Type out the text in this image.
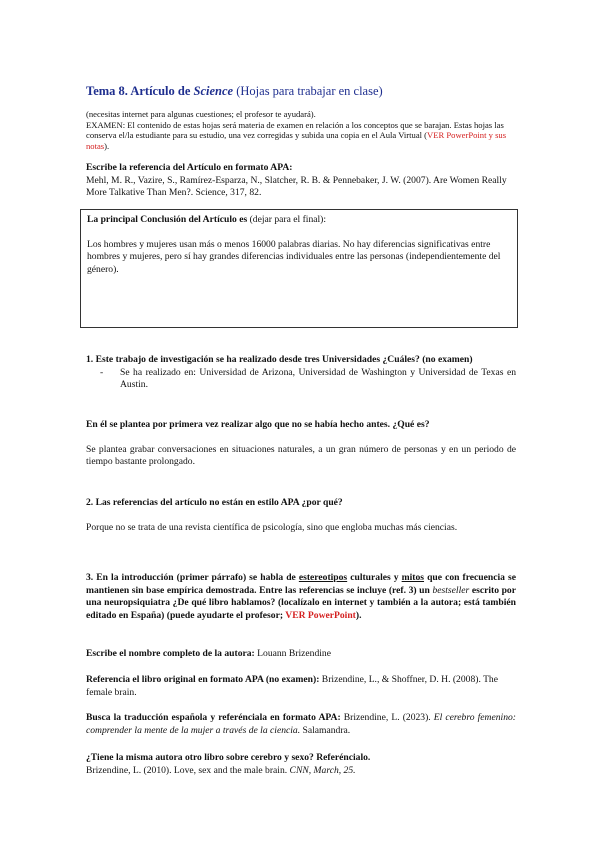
Tema 8. Artículo de Science (Hojas para trabajar en clase)
(necesitas internet para algunas cuestiones; el profesor te ayudará).
EXAMEN: El contenido de estas hojas será materia de examen en relación a los conceptos que se barajan. Estas hojas las conserva el/la estudiante para su estudio, una vez corregidas y subida una copia en el Aula Virtual (VER PowerPoint y sus notas).
Escribe la referencia del Artículo en formato APA:
Mehl, M. R., Vazire, S., Ramírez-Esparza, N., Slatcher, R. B. & Pennebaker, J. W. (2007). Are Women Really More Talkative Than Men?. Science, 317, 82.
La principal Conclusión del Artículo es (dejar para el final):
Los hombres y mujeres usan más o menos 16000 palabras diarias. No hay diferencias significativas entre hombres y mujeres, pero sí hay grandes diferencias individuales entre las personas (independientemente del género).
1. Este trabajo de investigación se ha realizado desde tres Universidades ¿Cuáles? (no examen)
-	Se ha realizado en: Universidad de Arizona, Universidad de Washington y Universidad de Texas en Austin.
En él se plantea por primera vez realizar algo que no se había hecho antes. ¿Qué es?
Se plantea grabar conversaciones en situaciones naturales, a un gran número de personas y en un periodo de tiempo bastante prolongado.
2. Las referencias del artículo no están en estilo APA ¿por qué?
Porque no se trata de una revista científica de psicología, sino que engloba muchas más ciencias.
3. En la introducción (primer párrafo) se habla de estereotipos culturales y mitos que con frecuencia se mantienen sin base empírica demostrada. Entre las referencias se incluye (ref. 3) un bestseller escrito por una neuropsiquiatra ¿De qué libro hablamos? (localízalo en internet y también a la autora; está también editado en España) (puede ayudarte el profesor; VER PowerPoint).
Escribe el nombre completo de la autora: Louann Brizendine
Referencia el libro original en formato APA (no examen): Brizendine, L., & Shoffner, D. H. (2008). The female brain.
Busca la traducción española y referénciala en formato APA: Brizendine, L. (2023). El cerebro femenino: comprender la mente de la mujer a través de la ciencia. Salamandra.
¿Tiene la misma autora otro libro sobre cerebro y sexo? Referéncialo.
Brizendine, L. (2010). Love, sex and the male brain. CNN, March, 25.
